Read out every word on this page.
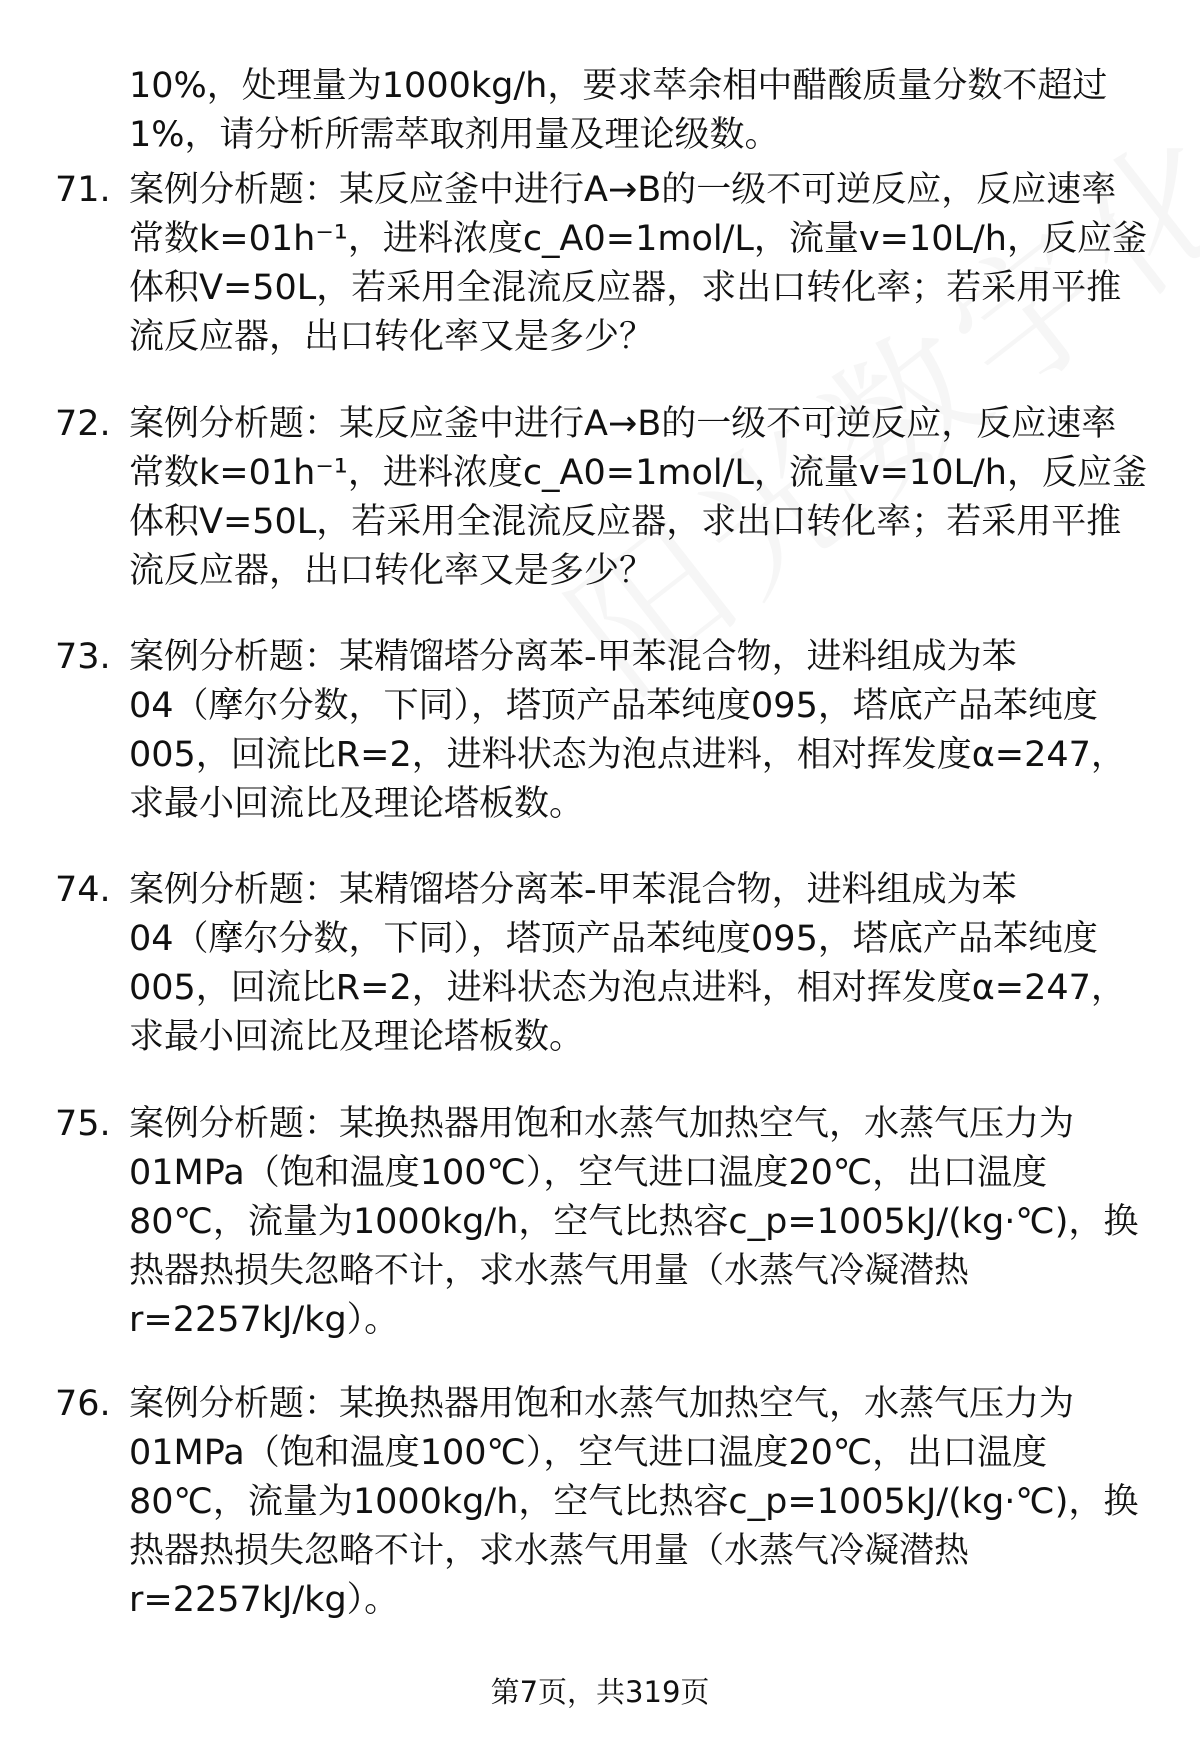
10%，处理量为1000kg/h，要求萃余相中醋酸质量分数不超过
1%，请分析所需萃取剂用量及理论级数。
71. 案例分析题：某反应釜中进行A→B的一级不可逆反应，反应速率
常数k=01h⁻¹，进料浓度c_A0=1mol/L，流量v=10L/h，反应釜
体积V=50L，若采用全混流反应器，求出口转化率；若采用平推
流反应器，出口转化率又是多少？
72. 案例分析题：某反应釜中进行A→B的一级不可逆反应，反应速率
常数k=01h⁻¹，进料浓度c_A0=1mol/L，流量v=10L/h，反应釜
体积V=50L，若采用全混流反应器，求出口转化率；若采用平推
流反应器，出口转化率又是多少？
73. 案例分析题：某精馏塔分离苯-甲苯混合物，进料组成为苯
04（摩尔分数，下同），塔顶产品苯纯度095，塔底产品苯纯度
005，回流比R=2，进料状态为泡点进料，相对挥发度α=247，
求最小回流比及理论塔板数。
74. 案例分析题：某精馏塔分离苯-甲苯混合物，进料组成为苯
04（摩尔分数，下同），塔顶产品苯纯度095，塔底产品苯纯度
005，回流比R=2，进料状态为泡点进料，相对挥发度α=247，
求最小回流比及理论塔板数。
75. 案例分析题：某换热器用饱和水蒸气加热空气，水蒸气压力为
01MPa（饱和温度100℃），空气进口温度20℃，出口温度
80℃，流量为1000kg/h，空气比热容c_p=1005kJ/(kg·℃)，换
热器热损失忽略不计，求水蒸气用量（水蒸气冷凝潜热
r=2257kJ/kg）。
76. 案例分析题：某换热器用饱和水蒸气加热空气，水蒸气压力为
01MPa（饱和温度100℃），空气进口温度20℃，出口温度
80℃，流量为1000kg/h，空气比热容c_p=1005kJ/(kg·℃)，换
热器热损失忽略不计，求水蒸气用量（水蒸气冷凝潜热
r=2257kJ/kg）。
第7页，共319页
